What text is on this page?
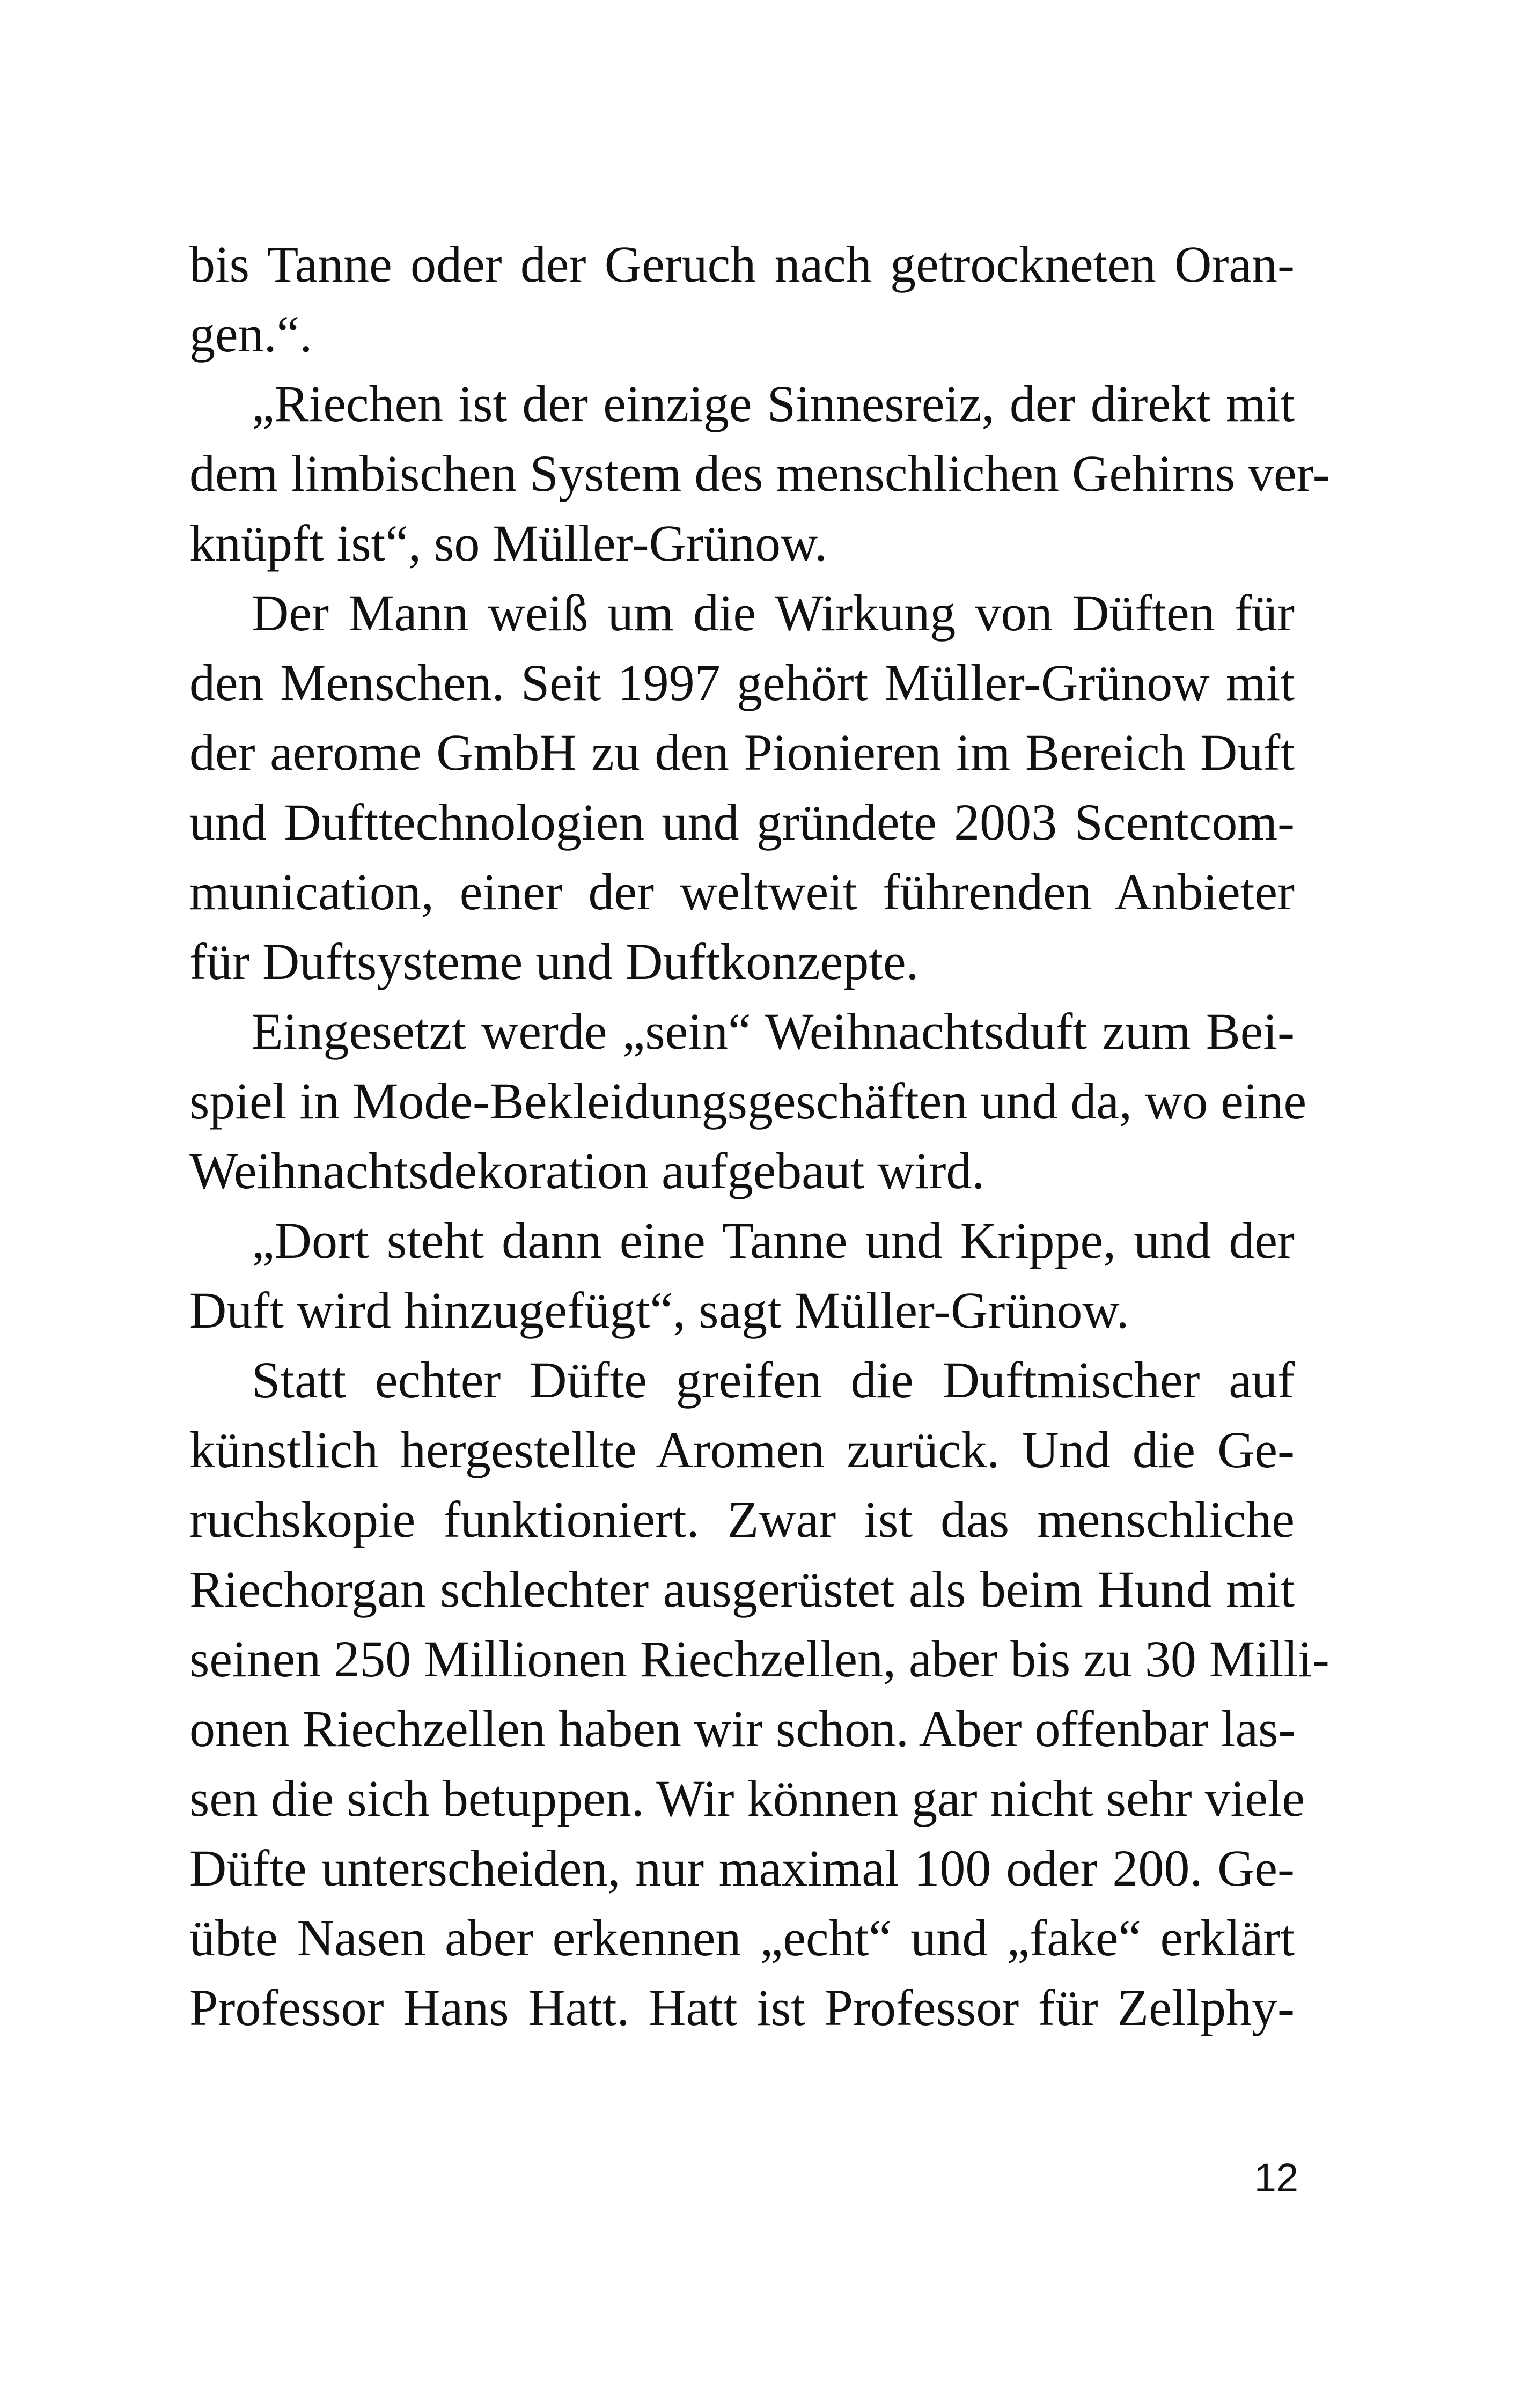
bis Tanne oder der Geruch nach getrockneten Oran-
gen.“.
„Riechen ist der einzige Sinnesreiz, der direkt mit
dem limbischen System des menschlichen Gehirns ver-
knüpft ist“, so Müller-Grünow.
Der Mann weiß um die Wirkung von Düften für
den Menschen. Seit 1997 gehört Müller-Grünow mit
der aerome GmbH zu den Pionieren im Bereich Duft
und Dufttechnologien und gründete 2003 Scentcom-
munication, einer der weltweit führenden Anbieter
für Duftsysteme und Duftkonzepte.
Eingesetzt werde „sein“ Weihnachtsduft zum Bei-
spiel in Mode-Bekleidungsgeschäften und da, wo eine
Weihnachtsdekoration aufgebaut wird.
„Dort steht dann eine Tanne und Krippe, und der
Duft wird hinzugefügt“, sagt Müller-Grünow.
Statt echter Düfte greifen die Duftmischer auf
künstlich hergestellte Aromen zurück. Und die Ge-
ruchskopie funktioniert. Zwar ist das menschliche
Riechorgan schlechter ausgerüstet als beim Hund mit
seinen 250 Millionen Riechzellen, aber bis zu 30 Milli-
onen Riechzellen haben wir schon. Aber offenbar las-
sen die sich betuppen. Wir können gar nicht sehr viele
Düfte unterscheiden, nur maximal 100 oder 200. Ge-
übte Nasen aber erkennen „echt“ und „fake“ erklärt
Professor Hans Hatt. Hatt ist Professor für Zellphy-
12
